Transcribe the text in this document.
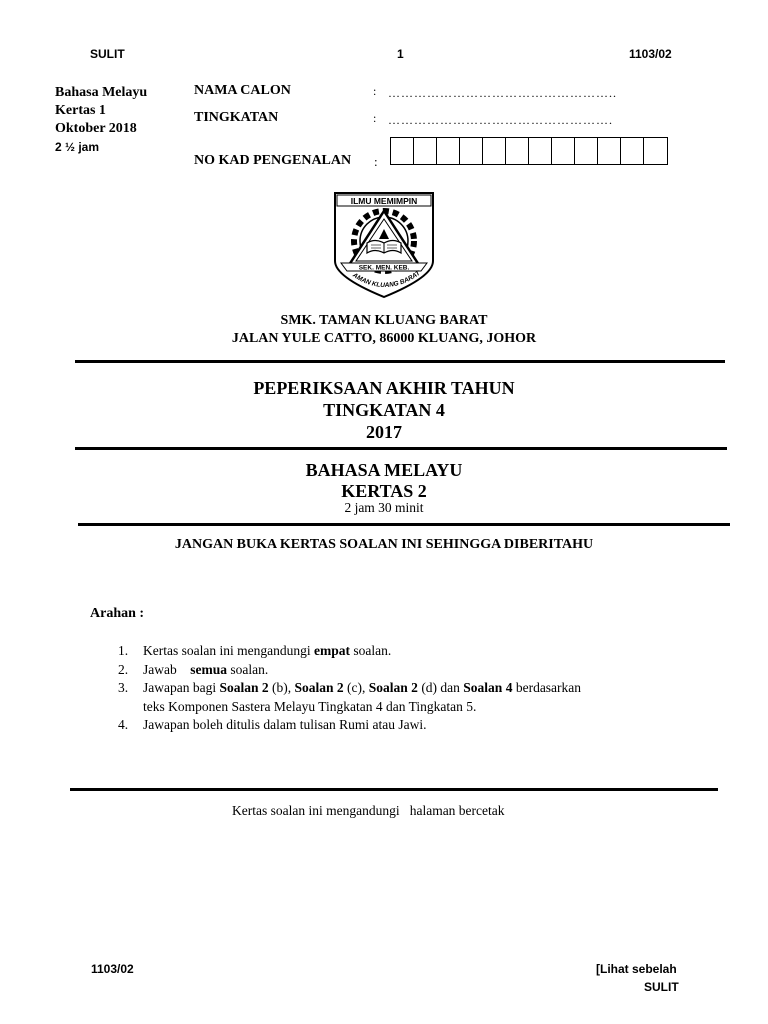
SULIT	1	1103/02
Bahasa Melayu
Kertas 1
Oktober 2018
2 ½ jam
NAMA CALON	: ……………………………………………..
TINGKATAN	: …………………………………………….
NO KAD PENGENALAN :
ILMU MEMIMPIN
SEK. MEN. KEB.
AMAN KLUANG BARAT
SMK. TAMAN KLUANG BARAT
JALAN YULE CATTO, 86000 KLUANG, JOHOR
PEPERIKSAAN AKHIR TAHUN
TINGKATAN 4
2017
BAHASA MELAYU
KERTAS 2
2 jam 30 minit
JANGAN BUKA KERTAS SOALAN INI SEHINGGA DIBERITAHU
Arahan :
1.	Kertas soalan ini mengandungi empat soalan.
2.	Jawab    semua soalan.
3.	Jawapan bagi Soalan 2 (b), Soalan 2 (c), Soalan 2 (d) dan Soalan 4 berdasarkan
teks Komponen Sastera Melayu Tingkatan 4 dan Tingkatan 5.
4.	Jawapan boleh ditulis dalam tulisan Rumi atau Jawi.
Kertas soalan ini mengandungi   halaman bercetak
1103/02	[Lihat sebelah
SULIT
